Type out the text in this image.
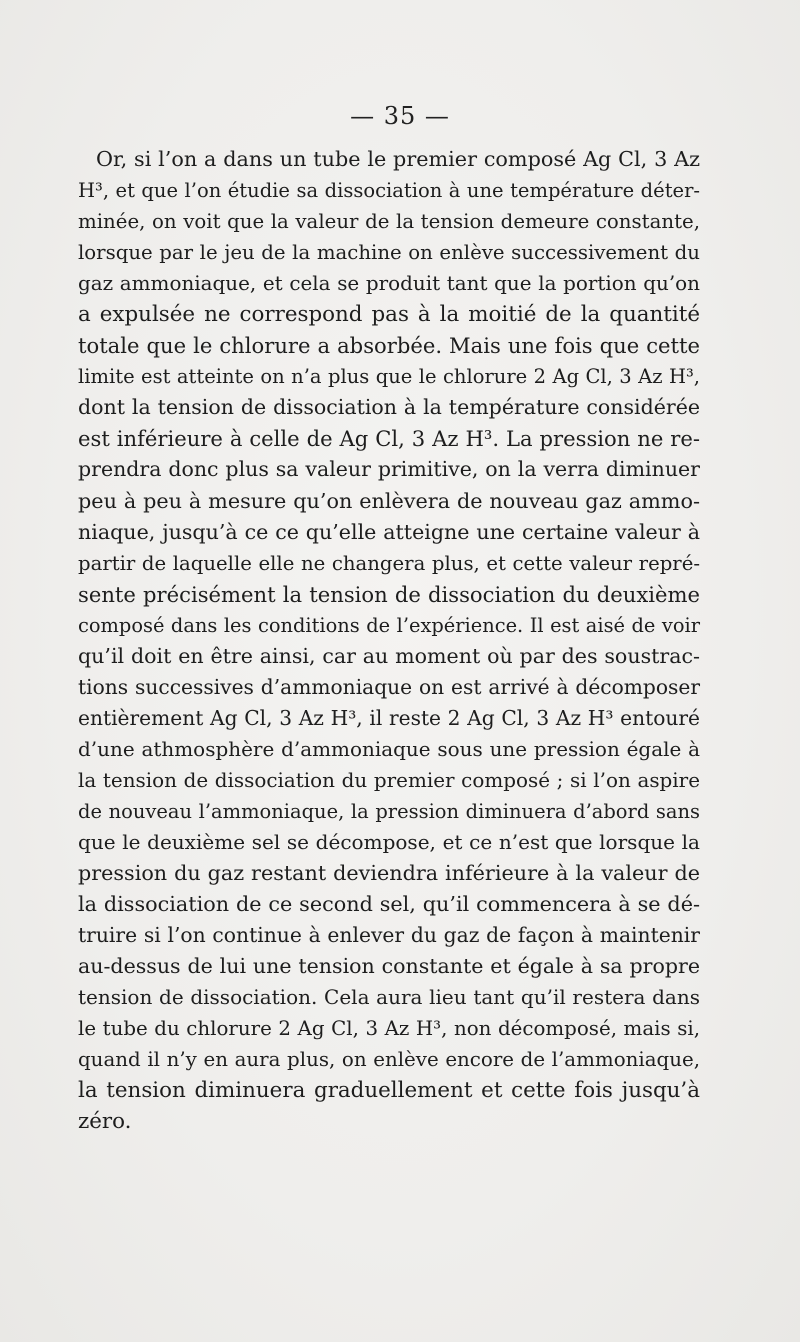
— 35 —
Or, si l’on a dans un tube le premier composé Ag Cl, 3 Az
H³, et que l’on étudie sa dissociation à une température déter-
minée, on voit que la valeur de la tension demeure constante,
lorsque par le jeu de la machine on enlève successivement du
gaz ammoniaque, et cela se produit tant que la portion qu’on
a expulsée ne correspond pas à la moitié de la quantité
totale que le chlorure a absorbée. Mais une fois que cette
limite est atteinte on n’a plus que le chlorure 2 Ag Cl, 3 Az H³,
dont la tension de dissociation à la température considérée
est inférieure à celle de Ag Cl, 3 Az H³. La pression ne re-
prendra donc plus sa valeur primitive, on la verra diminuer
peu à peu à mesure qu’on enlèvera de nouveau gaz ammo-
niaque, jusqu’à ce ce qu’elle atteigne une certaine valeur à
partir de laquelle elle ne changera plus, et cette valeur repré-
sente précisément la tension de dissociation du deuxième
composé dans les conditions de l’expérience. Il est aisé de voir
qu’il doit en être ainsi, car au moment où par des soustrac-
tions successives d’ammoniaque on est arrivé à décomposer
entièrement Ag Cl, 3 Az H³, il reste 2 Ag Cl, 3 Az H³ entouré
d’une athmosphère d’ammoniaque sous une pression égale à
la tension de dissociation du premier composé ; si l’on aspire
de nouveau l’ammoniaque, la pression diminuera d’abord sans
que le deuxième sel se décompose, et ce n’est que lorsque la
pression du gaz restant deviendra inférieure à la valeur de
la dissociation de ce second sel, qu’il commencera à se dé-
truire si l’on continue à enlever du gaz de façon à maintenir
au-dessus de lui une tension constante et égale à sa propre
tension de dissociation. Cela aura lieu tant qu’il restera dans
le tube du chlorure 2 Ag Cl, 3 Az H³, non décomposé, mais si,
quand il n’y en aura plus, on enlève encore de l’ammoniaque,
la tension diminuera graduellement et cette fois jusqu’à
zéro.
